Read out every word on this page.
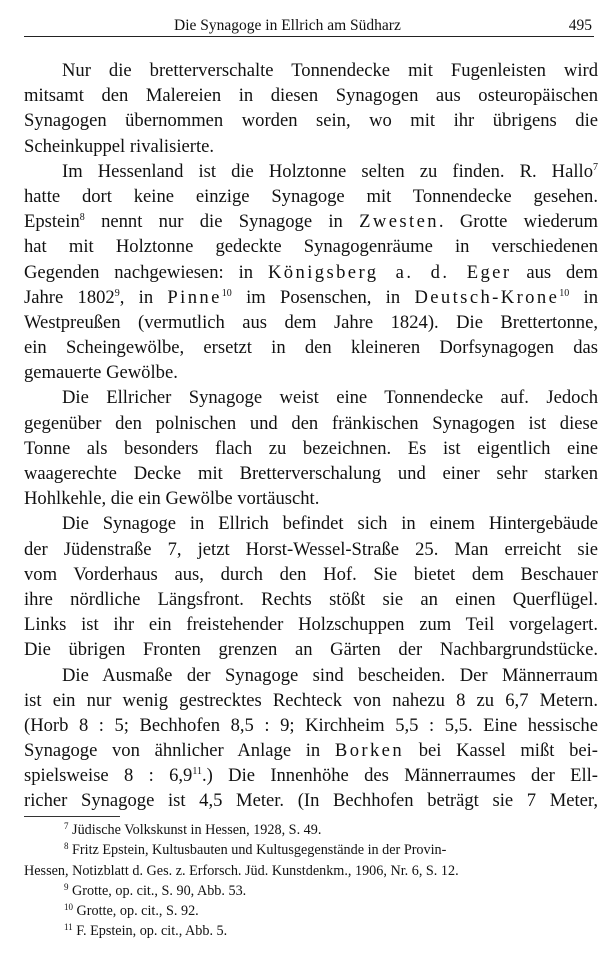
Die Synagoge in Ellrich am Südharz	495
Nur die bretterverschalte Tonnendecke mit Fugenleisten wird
mitsamt den Malereien in diesen Synagogen aus osteuropäischen
Synagogen übernommen worden sein, wo mit ihr übrigens die
Scheinkuppel rivalisierte.
Im Hessenland ist die Holztonne selten zu finden. R. Hallo$^7$
hatte dort keine einzige Synagoge mit Tonnendecke gesehen.
Epstein$^8$ nennt nur die Synagoge in Zwesten. Grotte wiederum
hat mit Holztonne gedeckte Synagogenräume in verschiedenen
Gegenden nachgewiesen: in Königsberg a. d. Eger aus dem
Jahre 1802$^9$, in Pinne$^{10}$ im Posenschen, in Deutsch-Krone$^{10}$ in
Westpreußen (vermutlich aus dem Jahre 1824). Die Brettertonne,
ein Scheingewölbe, ersetzt in den kleineren Dorfsynagogen das
gemauerte Gewölbe.
Die Ellricher Synagoge weist eine Tonnendecke auf. Jedoch
gegenüber den polnischen und den fränkischen Synagogen ist diese
Tonne als besonders flach zu bezeichnen. Es ist eigentlich eine
waagerechte Decke mit Bretterverschalung und einer sehr starken
Hohlkehle, die ein Gewölbe vortäuscht.
Die Synagoge in Ellrich befindet sich in einem Hintergebäude
der Jüdenstraße 7, jetzt Horst-Wessel-Straße 25. Man erreicht sie
vom Vorderhaus aus, durch den Hof. Sie bietet dem Beschauer
ihre nördliche Längsfront. Rechts stößt sie an einen Querflügel.
Links ist ihr ein freistehender Holzschuppen zum Teil vorgelagert.
Die übrigen Fronten grenzen an Gärten der Nachbargrundstücke.
Die Ausmaße der Synagoge sind bescheiden. Der Männerraum
ist ein nur wenig gestrecktes Rechteck von nahezu 8 zu 6,7 Metern.
(Horb 8 : 5; Bechhofen 8,5 : 9; Kirchheim 5,5 : 5,5. Eine hessische
Synagoge von ähnlicher Anlage in Borken bei Kassel mißt bei-
spielsweise 8 : $6,9^{11}$.) Die Innenhöhe des Männerraumes der Ell-
richer Synagoge ist 4,5 Meter. (In Bechhofen beträgt sie 7 Meter,
$^7$ Jüdische Volkskunst in Hessen, 1928, S. 49.
$^8$ Fritz Epstein, Kultusbauten und Kultusgegenstände in der Provin-
Hessen, Notizblatt d. Ges. z. Erforsch. Jüd. Kunstdenkm., 1906, Nr. 6, S. 12.
$^9$ Grotte, op. cit., S. 90, Abb. 53.
$^{10}$ Grotte, op. cit., S. 92.
$^{11}$ F. Epstein, op. cit., Abb. 5.
